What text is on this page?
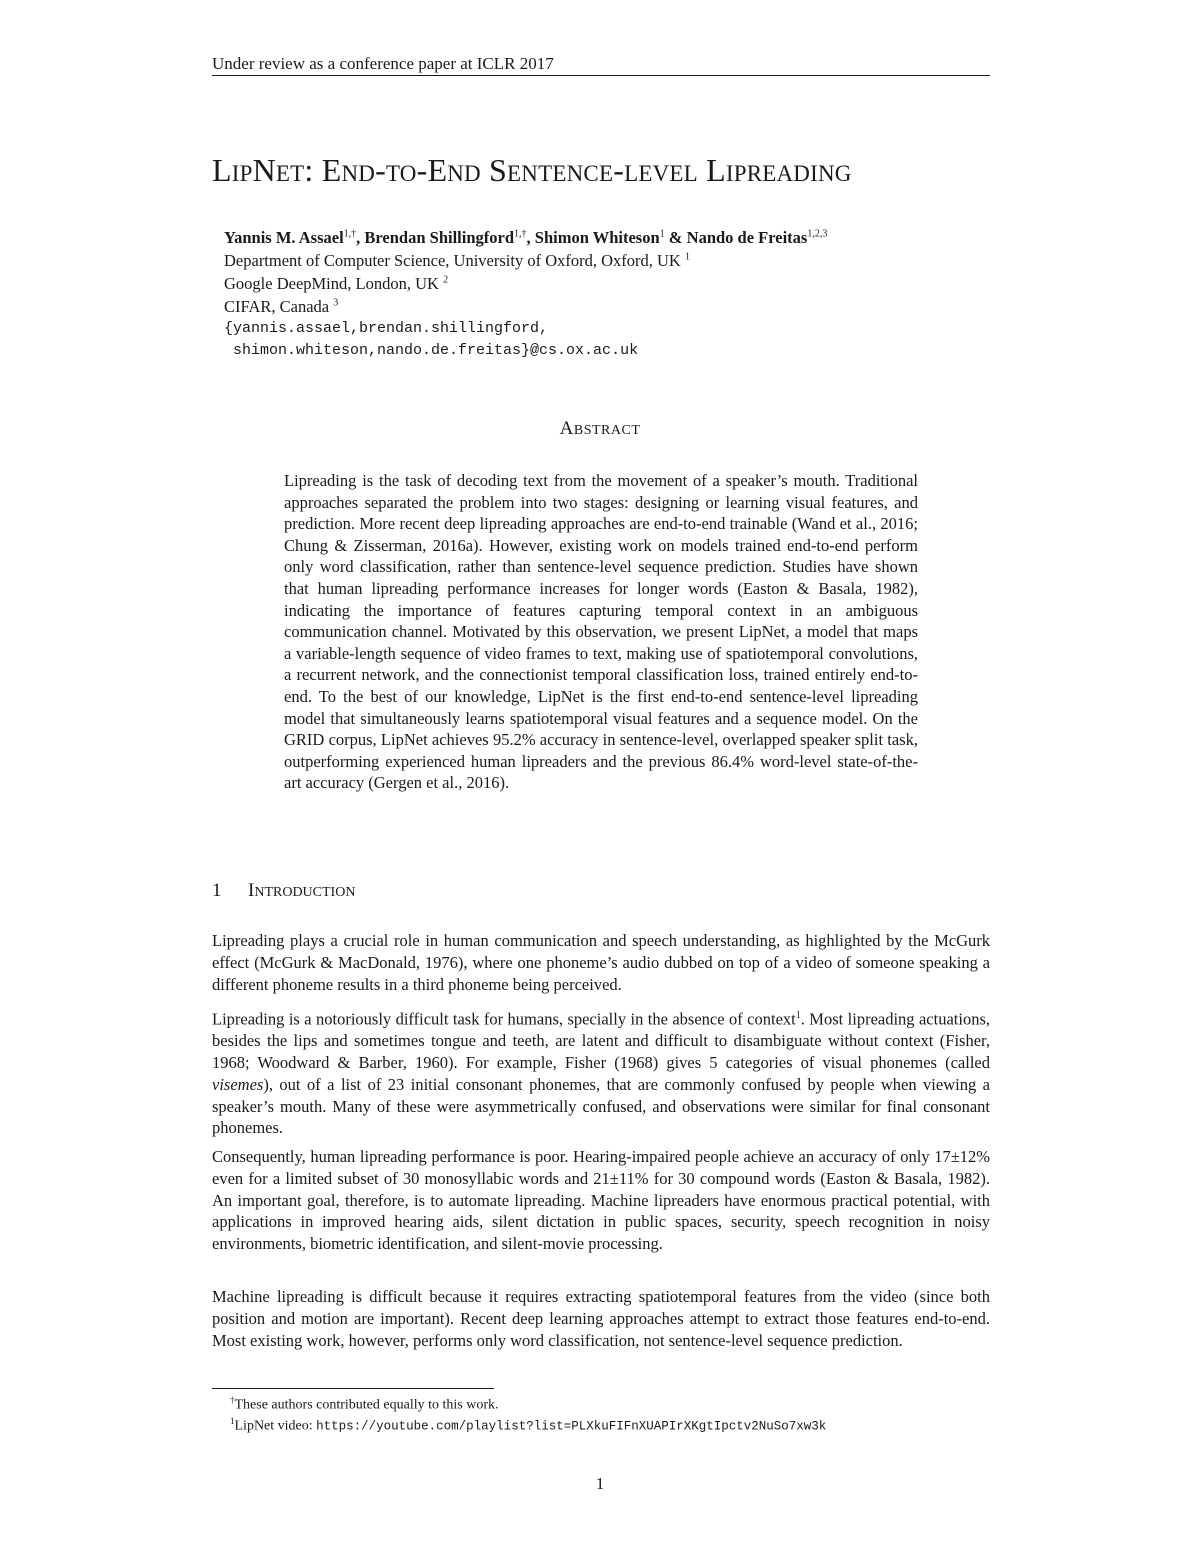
Under review as a conference paper at ICLR 2017
LIPNET: END-TO-END SENTENCE-LEVEL LIPREADING
Yannis M. Assael$^{1,\dagger}$, Brendan Shillingford$^{1,\dagger}$, Shimon Whiteson$^1$ & Nando de Freitas$^{1,2,3}$
Department of Computer Science, University of Oxford, Oxford, UK $^1$
Google DeepMind, London, UK $^2$
CIFAR, Canada $^3$
{yannis.assael,brendan.shillingford,
shimon.whiteson,nando.de.freitas}@cs.ox.ac.uk
ABSTRACT
Lipreading is the task of decoding text from the movement of a speaker’s mouth. Traditional approaches separated the problem into two stages: designing or learning visual features, and prediction. More recent deep lipreading approaches are end-to-end trainable (Wand et al., 2016; Chung & Zisserman, 2016a). However, existing work on models trained end-to-end perform only word classification, rather than sentence-level sequence prediction. Studies have shown that human lipreading performance increases for longer words (Easton & Basala, 1982), indicating the importance of features capturing temporal context in an ambiguous communication channel. Motivated by this observation, we present LipNet, a model that maps a variable-length sequence of video frames to text, making use of spatiotemporal convolutions, a recurrent network, and the connectionist temporal classification loss, trained entirely end-to-end. To the best of our knowledge, LipNet is the first end-to-end sentence-level lipreading model that simultaneously learns spatiotemporal visual features and a sequence model. On the GRID corpus, LipNet achieves 95.2% accuracy in sentence-level, overlapped speaker split task, outperforming experienced human lipreaders and the previous 86.4% word-level state-of-the-art accuracy (Gergen et al., 2016).
1 INTRODUCTION
Lipreading plays a crucial role in human communication and speech understanding, as highlighted by the McGurk effect (McGurk & MacDonald, 1976), where one phoneme’s audio dubbed on top of a video of someone speaking a different phoneme results in a third phoneme being perceived.
Lipreading is a notoriously difficult task for humans, specially in the absence of context$^1$. Most lipreading actuations, besides the lips and sometimes tongue and teeth, are latent and difficult to disambiguate without context (Fisher, 1968; Woodward & Barber, 1960). For example, Fisher (1968) gives 5 categories of visual phonemes (called visemes), out of a list of 23 initial consonant phonemes, that are commonly confused by people when viewing a speaker’s mouth. Many of these were asymmetrically confused, and observations were similar for final consonant phonemes.
Consequently, human lipreading performance is poor. Hearing-impaired people achieve an accuracy of only 17±12% even for a limited subset of 30 monosyllabic words and 21±11% for 30 compound words (Easton & Basala, 1982). An important goal, therefore, is to automate lipreading. Machine lipreaders have enormous practical potential, with applications in improved hearing aids, silent dictation in public spaces, security, speech recognition in noisy environments, biometric identification, and silent-movie processing.
Machine lipreading is difficult because it requires extracting spatiotemporal features from the video (since both position and motion are important). Recent deep learning approaches attempt to extract those features end-to-end. Most existing work, however, performs only word classification, not sentence-level sequence prediction.
†These authors contributed equally to this work.
$^1$LipNet video: https://youtube.com/playlist?list=PLXkuFIFnXUAPIrXKgtIpctv2NuSo7xw3k
1
